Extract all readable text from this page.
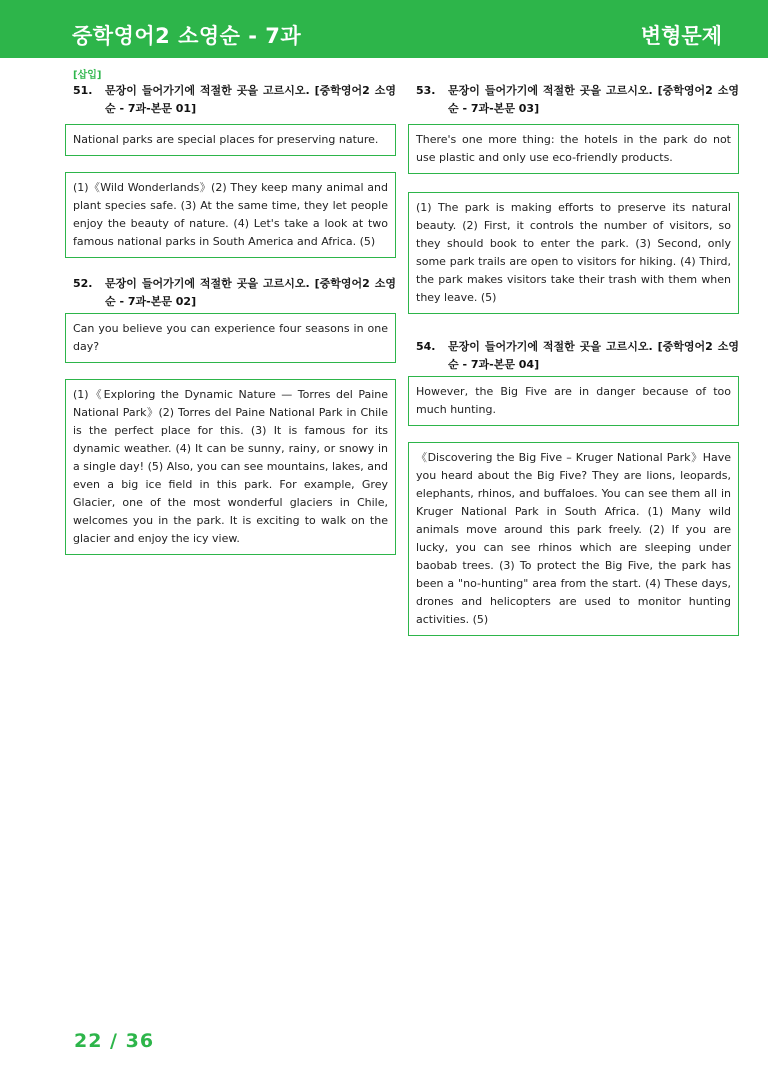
중학영어2 소영순 - 7과	변형문제
[삽입]
51. 문장이 들어가기에 적절한 곳을 고르시오. [중학영어2 소영순 - 7과-본문 01]
National parks are special places for preserving nature.
(1)《Wild Wonderlands》(2) They keep many animal and plant species safe. (3) At the same time, they let people enjoy the beauty of nature. (4) Let's take a look at two famous national parks in South America and Africa. (5)
52. 문장이 들어가기에 적절한 곳을 고르시오. [중학영어2 소영순 - 7과-본문 02]
Can you believe you can experience four seasons in one day?
(1)《Exploring the Dynamic Nature — Torres del Paine National Park》(2) Torres del Paine National Park in Chile is the perfect place for this. (3) It is famous for its dynamic weather. (4) It can be sunny, rainy, or snowy in a single day! (5) Also, you can see mountains, lakes, and even a big ice field in this park. For example, Grey Glacier, one of the most wonderful glaciers in Chile, welcomes you in the park. It is exciting to walk on the glacier and enjoy the icy view.
53. 문장이 들어가기에 적절한 곳을 고르시오. [중학영어2 소영순 - 7과-본문 03]
There's one more thing: the hotels in the park do not use plastic and only use eco-friendly products.
(1) The park is making efforts to preserve its natural beauty. (2) First, it controls the number of visitors, so they should book to enter the park. (3) Second, only some park trails are open to visitors for hiking. (4) Third, the park makes visitors take their trash with them when they leave. (5)
54. 문장이 들어가기에 적절한 곳을 고르시오. [중학영어2 소영순 - 7과-본문 04]
However, the Big Five are in danger because of too much hunting.
《Discovering the Big Five – Kruger National Park》Have you heard about the Big Five? They are lions, leopards, elephants, rhinos, and buffaloes. You can see them all in Kruger National Park in South Africa. (1) Many wild animals move around this park freely. (2) If you are lucky, you can see rhinos which are sleeping under baobab trees. (3) To protect the Big Five, the park has been a "no-hunting" area from the start. (4) These days, drones and helicopters are used to monitor hunting activities. (5)
22 / 36
